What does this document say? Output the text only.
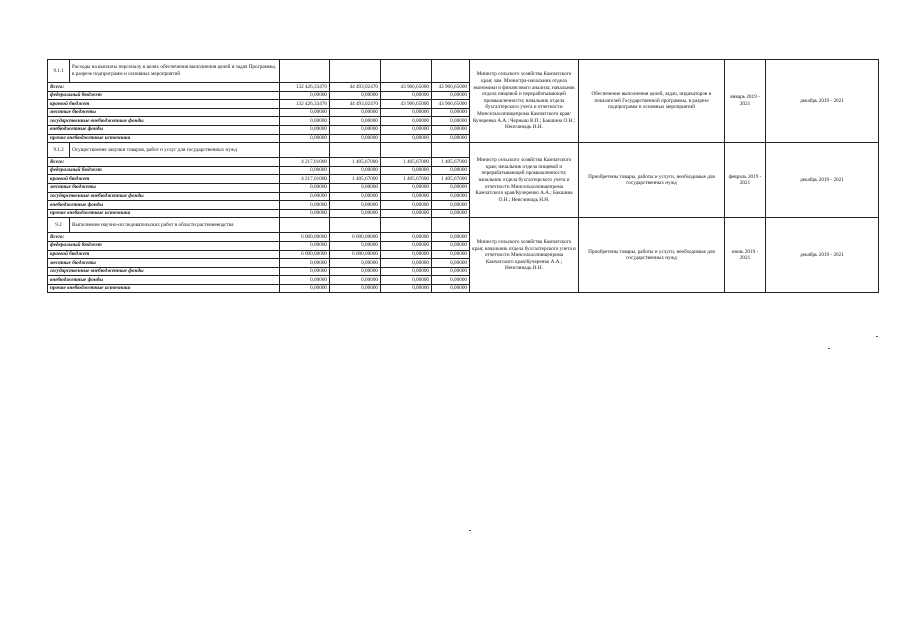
9.1.1	Расходы на выплаты персоналу в целях обеспечения выполнения целей и задач Программы, в разрезе подпрограмм и основных мероприятий					Министр сельского хозяйства Камчатского края; зам. Министра-начальник отдела экономики и финансового анализа; начальник отдела пищевой и перерабатывающей промышленности; начальник отдела бухгалтерского учета и отчетности Минсельхозпищепрома Камчатского края/Кучеренко А.А.; Черныш В.П.; Бакшина О.Н.; Неисчинадь Н.Н.	Обеспечение выполнения целей, задач, индикаторов и показателей Государственной программы, в разрезе подпрограмм и основных мероприятий	январь 2019 - 2021	декабрь 2019 - 2021
Всего:		132 426,33470	44 493,02470	43 966,65000	43 966,65000				
федеральный бюджет		0,00000	0,00000	0,00000	0,00000				
краевой бюджет		132 426,33470	44 493,02470	43 966,65000	43 966,65000				
местные бюджеты		0,00000	0,00000	0,00000	0,00000				
государственные внебюджетные фонды		0,00000	0,00000	0,00000	0,00000				
внебюджетные фонды		0,00000	0,00000	0,00000	0,00000				
прочие внебюджетные источники		0,00000	0,00000	0,00000	0,00000				
9.1.2	Осуществление закупки товаров, работ и услуг для государственных нужд					Министр сельского хозяйства Камчатского края; начальник отдела пищевой и перерабатывающей промышленности; начальник отдела бухгалтерского учета и отчетности Минсельхозпищепрома Камчатского края/Кучеренко А.А.; Бакшина О.Н.; Неисчинадь Н.Н.	Приобретены товары, работы и услуги, необходимые для государственных нужд	февраль 2019 - 2021	декабрь 2019 - 2021
Всего:		4 217,01000	1 405,67000	1 405,67000	1 405,67000				
федеральный бюджет		0,00000	0,00000	0,00000	0,00000				
краевой бюджет		4 217,01000	1 405,67000	1 405,67000	1 405,67000				
местные бюджеты		0,00000	0,00000	0,00000	0,00000				
государственные внебюджетные фонды		0,00000	0,00000	0,00000	0,00000				
внебюджетные фонды		0,00000	0,00000	0,00000	0,00000				
прочие внебюджетные источники		0,00000	0,00000	0,00000	0,00000				
9.2	Выполнение научно-исследовательских работ в области растениеводства					Министр сельского хозяйства Камчатского края; начальник отдела бухгалтерского учета и отчетности Минсельхозпищепрома Камчатского края/Кучеренко А.А.; Неисчинадь Н.Н.	Приобретены товары, работы и услуги, необходимые для государственных нужд	июнь 2019 - 2021	декабрь 2019 - 2021
Всего:		6 000,00000	6 000,00000	0,00000	0,00000				
федеральный бюджет		0,00000	0,00000	0,00000	0,00000				
краевой бюджет		6 000,00000	6 000,00000	0,00000	0,00000				
местные бюджеты		0,00000	0,00000	0,00000	0,00000				
государственные внебюджетные фонды		0,00000	0,00000	0,00000	0,00000				
внебюджетные фонды		0,00000	0,00000	0,00000	0,00000				
прочие внебюджетные источники		0,00000	0,00000	0,00000	0,00000				
